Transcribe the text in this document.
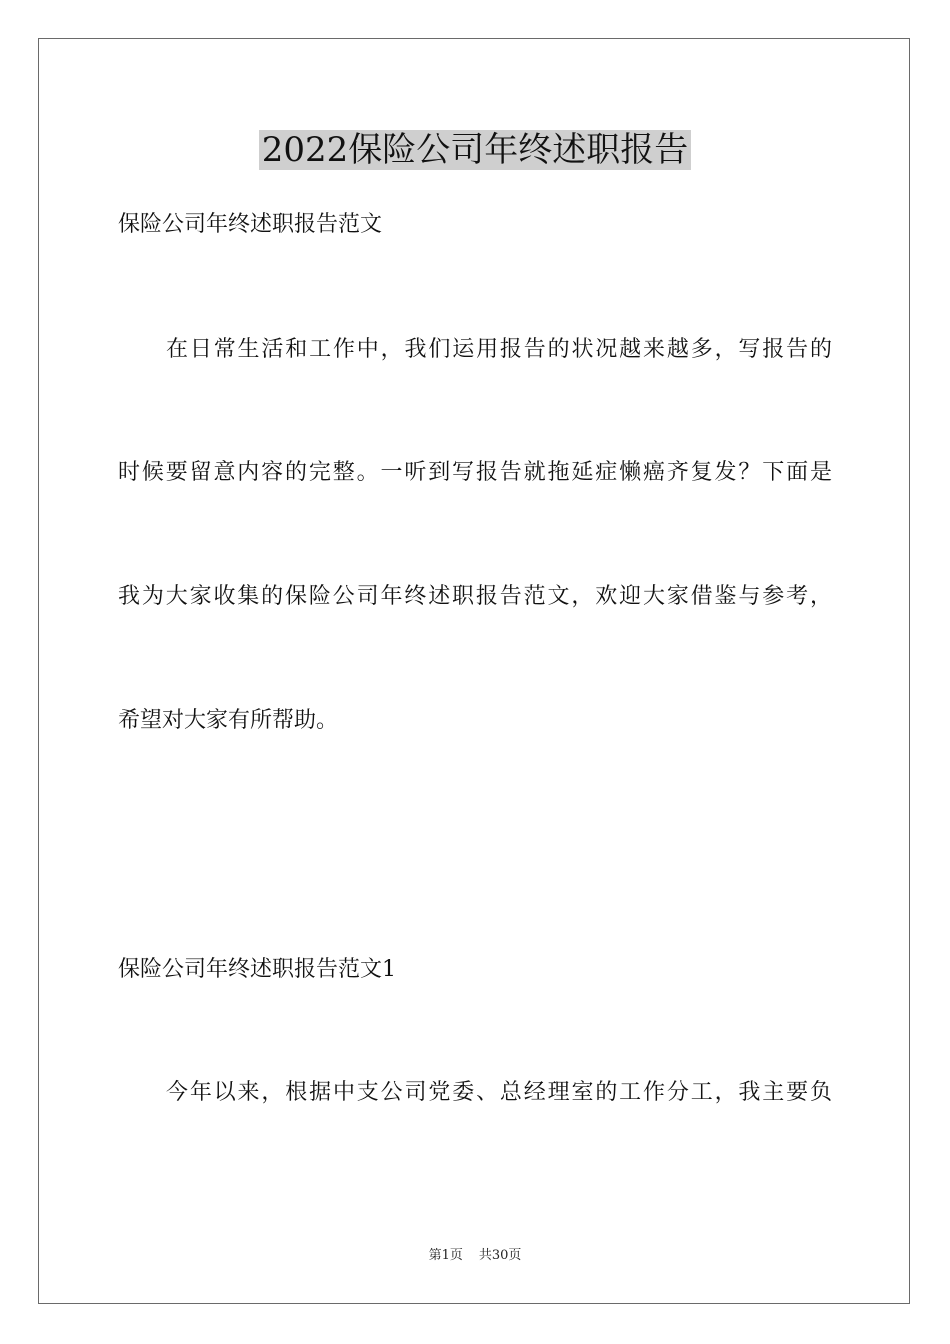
2022保险公司年终述职报告

保险公司年终述职报告范文

在日常生活和工作中，我们运用报告的状况越来越多，写报告的

时候要留意内容的完整。一听到写报告就拖延症懒癌齐复发？下面是

我为大家收集的保险公司年终述职报告范文，欢迎大家借鉴与参考，

希望对大家有所帮助。

保险公司年终述职报告范文1

今年以来，根据中支公司党委、总经理室的工作分工，我主要负

第1页 共30页
